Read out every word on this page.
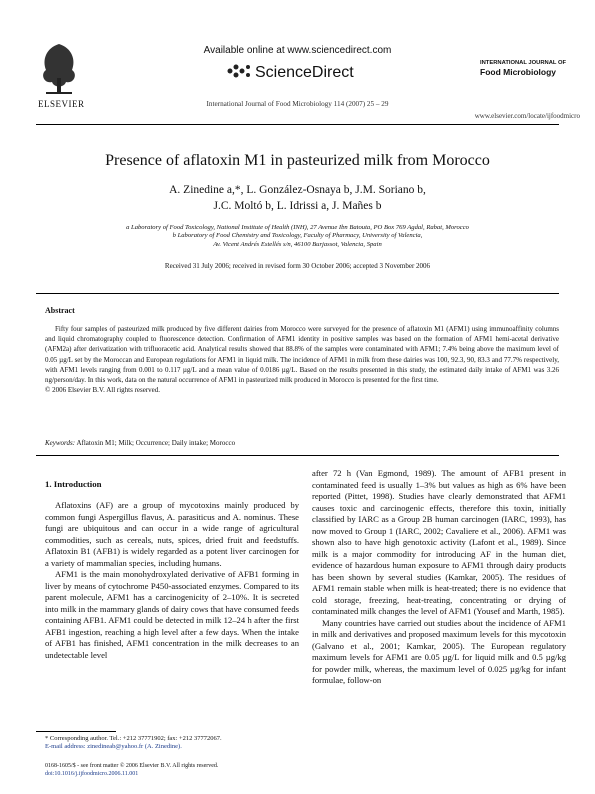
ELSEVIER
Available online at www.sciencedirect.com
ScienceDirect
International Journal of Food Microbiology 114 (2007) 25 – 29
INTERNATIONAL JOURNAL OF
Food Microbiology
www.elsevier.com/locate/ijfoodmicro
Presence of aflatoxin M1 in pasteurized milk from Morocco
A. Zinedine a,*, L. González-Osnaya b, J.M. Soriano b,
J.C. Moltó b, L. Idrissi a, J. Mañes b
a Laboratory of Food Toxicology, National Institute of Health (INH), 27 Avenue Ibn Batouta, PO Box 769 Agdal, Rabat, Morocco
b Laboratory of Food Chemistry and Toxicology, Faculty of Pharmacy, University of Valencia,
Av. Vicent Andrés Estellés s/n, 46100 Burjassot, Valencia, Spain
Received 31 July 2006; received in revised form 30 October 2006; accepted 3 November 2006
Abstract

Fifty four samples of pasteurized milk produced by five different dairies from Morocco were surveyed for the presence of aflatoxin M1 (AFM1) using immunoaffinity columns and liquid chromatography coupled to fluorescence detection. Confirmation of AFM1 identity in positive samples was based on the formation of AFM1 hemi-acetal derivative (AFM2a) after derivatization with trifluoracetic acid. Analytical results showed that 88.8% of the samples were contaminated with AFM1; 7.4% being above the maximum level of 0.05 µg/L set by the Moroccan and European regulations for AFM1 in liquid milk. The incidence of AFM1 in milk from these dairies was 100, 92.3, 90, 83.3 and 77.7% respectively, with AFM1 levels ranging from 0.001 to 0.117 µg/L and a mean value of 0.0186 µg/L. Based on the results presented in this study, the estimated daily intake of AFM1 was 3.26 ng/person/day. In this work, data on the natural occurrence of AFM1 in pasteurized milk produced in Morocco is presented for the first time.

© 2006 Elsevier B.V. All rights reserved.
Keywords: Aflatoxin M1; Milk; Occurrence; Daily intake; Morocco
1. Introduction

Aflatoxins (AF) are a group of mycotoxins mainly produced by common fungi Aspergillus flavus, A. parasiticus and A. nominus. These fungi are ubiquitous and can occur in a wide range of agricultural commodities, such as cereals, nuts, spices, dried fruit and feedstuffs. Aflatoxin B1 (AFB1) is widely regarded as a potent liver carcinogen for a variety of mammalian species, including humans.

AFM1 is the main monohydroxylated derivative of AFB1 forming in liver by means of cytochrome P450-associated enzymes. Compared to its parent molecule, AFM1 has a carcinogenicity of 2–10%. It is secreted into milk in the mammary glands of dairy cows that have consumed feeds containing AFB1. AFM1 could be detected in milk 12–24 h after the first AFB1 ingestion, reaching a high level after a few days. When the intake of AFB1 has finished, AFM1 concentration in the milk decreases to an undetectable level

after 72 h (Van Egmond, 1989). The amount of AFB1 present in contaminated feed is usually 1–3% but values as high as 6% have been reported (Pittet, 1998). Studies have clearly demonstrated that AFM1 causes toxic and carcinogenic effects, therefore this toxin, initially classified by IARC as a Group 2B human carcinogen (IARC, 1993), has now moved to Group 1 (IARC, 2002; Cavaliere et al., 2006). AFM1 was shown also to have high genotoxic activity (Lafont et al., 1989). Since milk is a major commodity for introducing AF in the human diet, evidence of hazardous human exposure to AFM1 through dairy products has been shown by several studies (Kamkar, 2005). The residues of AFM1 remain stable when milk is heat-treated; there is no evidence that cold storage, freezing, heat-treating, concentrating or drying of contaminated milk changes the level of AFM1 (Yousef and Marth, 1985).

Many countries have carried out studies about the incidence of AFM1 in milk and derivatives and proposed maximum levels for this mycotoxin (Galvano et al., 2001; Kamkar, 2005). The European regulatory maximum levels for AFM1 are 0.05 µg/L for liquid milk and 0.5 µg/kg for powder milk, whereas, the maximum level of 0.025 µg/kg for infant formulae, follow-on

* Corresponding author. Tel.: +212 37771902; fax: +212 37772067.
E-mail address: zinedineab@yahoo.fr (A. Zinedine).
0168-1605/$ - see front matter © 2006 Elsevier B.V. All rights reserved.
doi:10.1016/j.ijfoodmicro.2006.11.001
